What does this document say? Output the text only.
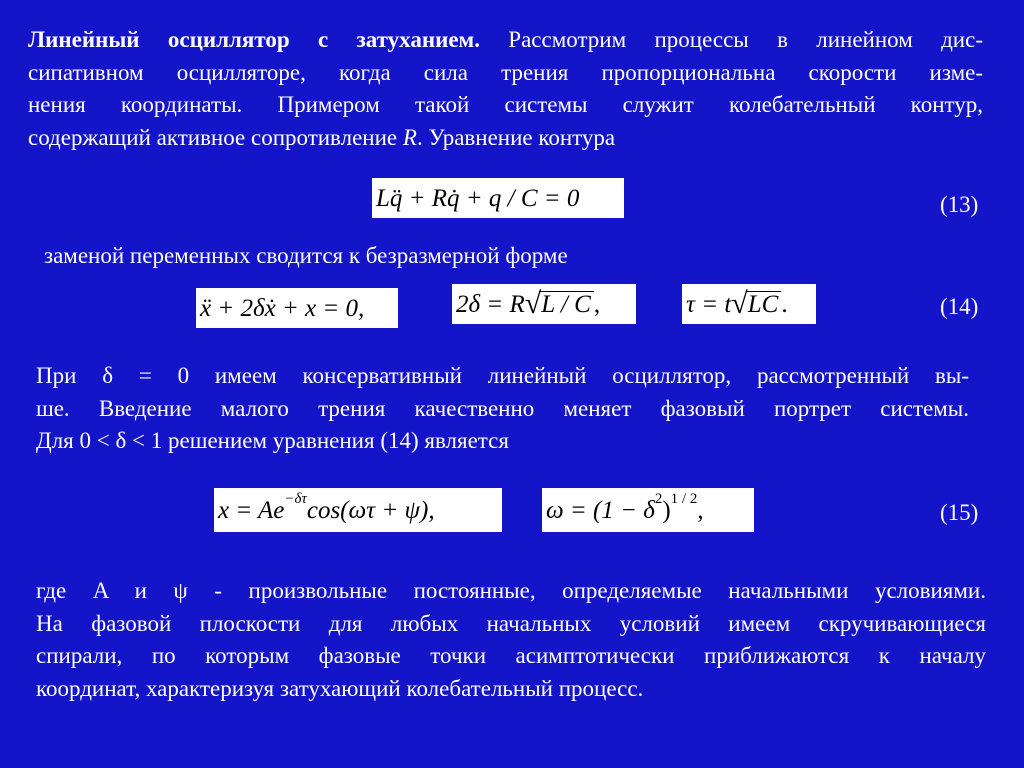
Линейный осциллятор с затуханием. Рассмотрим процессы в линейном дис-
сипативном осцилляторе, когда сила трения пропорциональна скорости изме-
нения координаты. Примером такой системы служит колебательный контур,
содержащий активное сопротивление R. Уравнение контура
Lq̈ + Rq̇ + q / C = 0	(13)
заменой переменных сводится к безразмерной форме
ẍ + 2δẋ + x = 0,	2δ = R √ L / C ,	τ = t √ LC .	(14)
При δ = 0 имеем консервативный линейный осциллятор, рассмотренный вы-
ше. Введение малого трения качественно меняет фазовый портрет системы.
Для 0 < δ < 1 решением уравнения (14) является
x = Ae −δτ cos(ωτ + ψ),	ω = (1 − δ 2 ) 1 / 2 ,	(15)
где A и ψ - произвольные постоянные, определяемые начальными условиями.
На фазовой плоскости для любых начальных условий имеем скручивающиеся
спирали, по которым фазовые точки асимптотически приближаются к началу
координат, характеризуя затухающий колебательный процесс.
